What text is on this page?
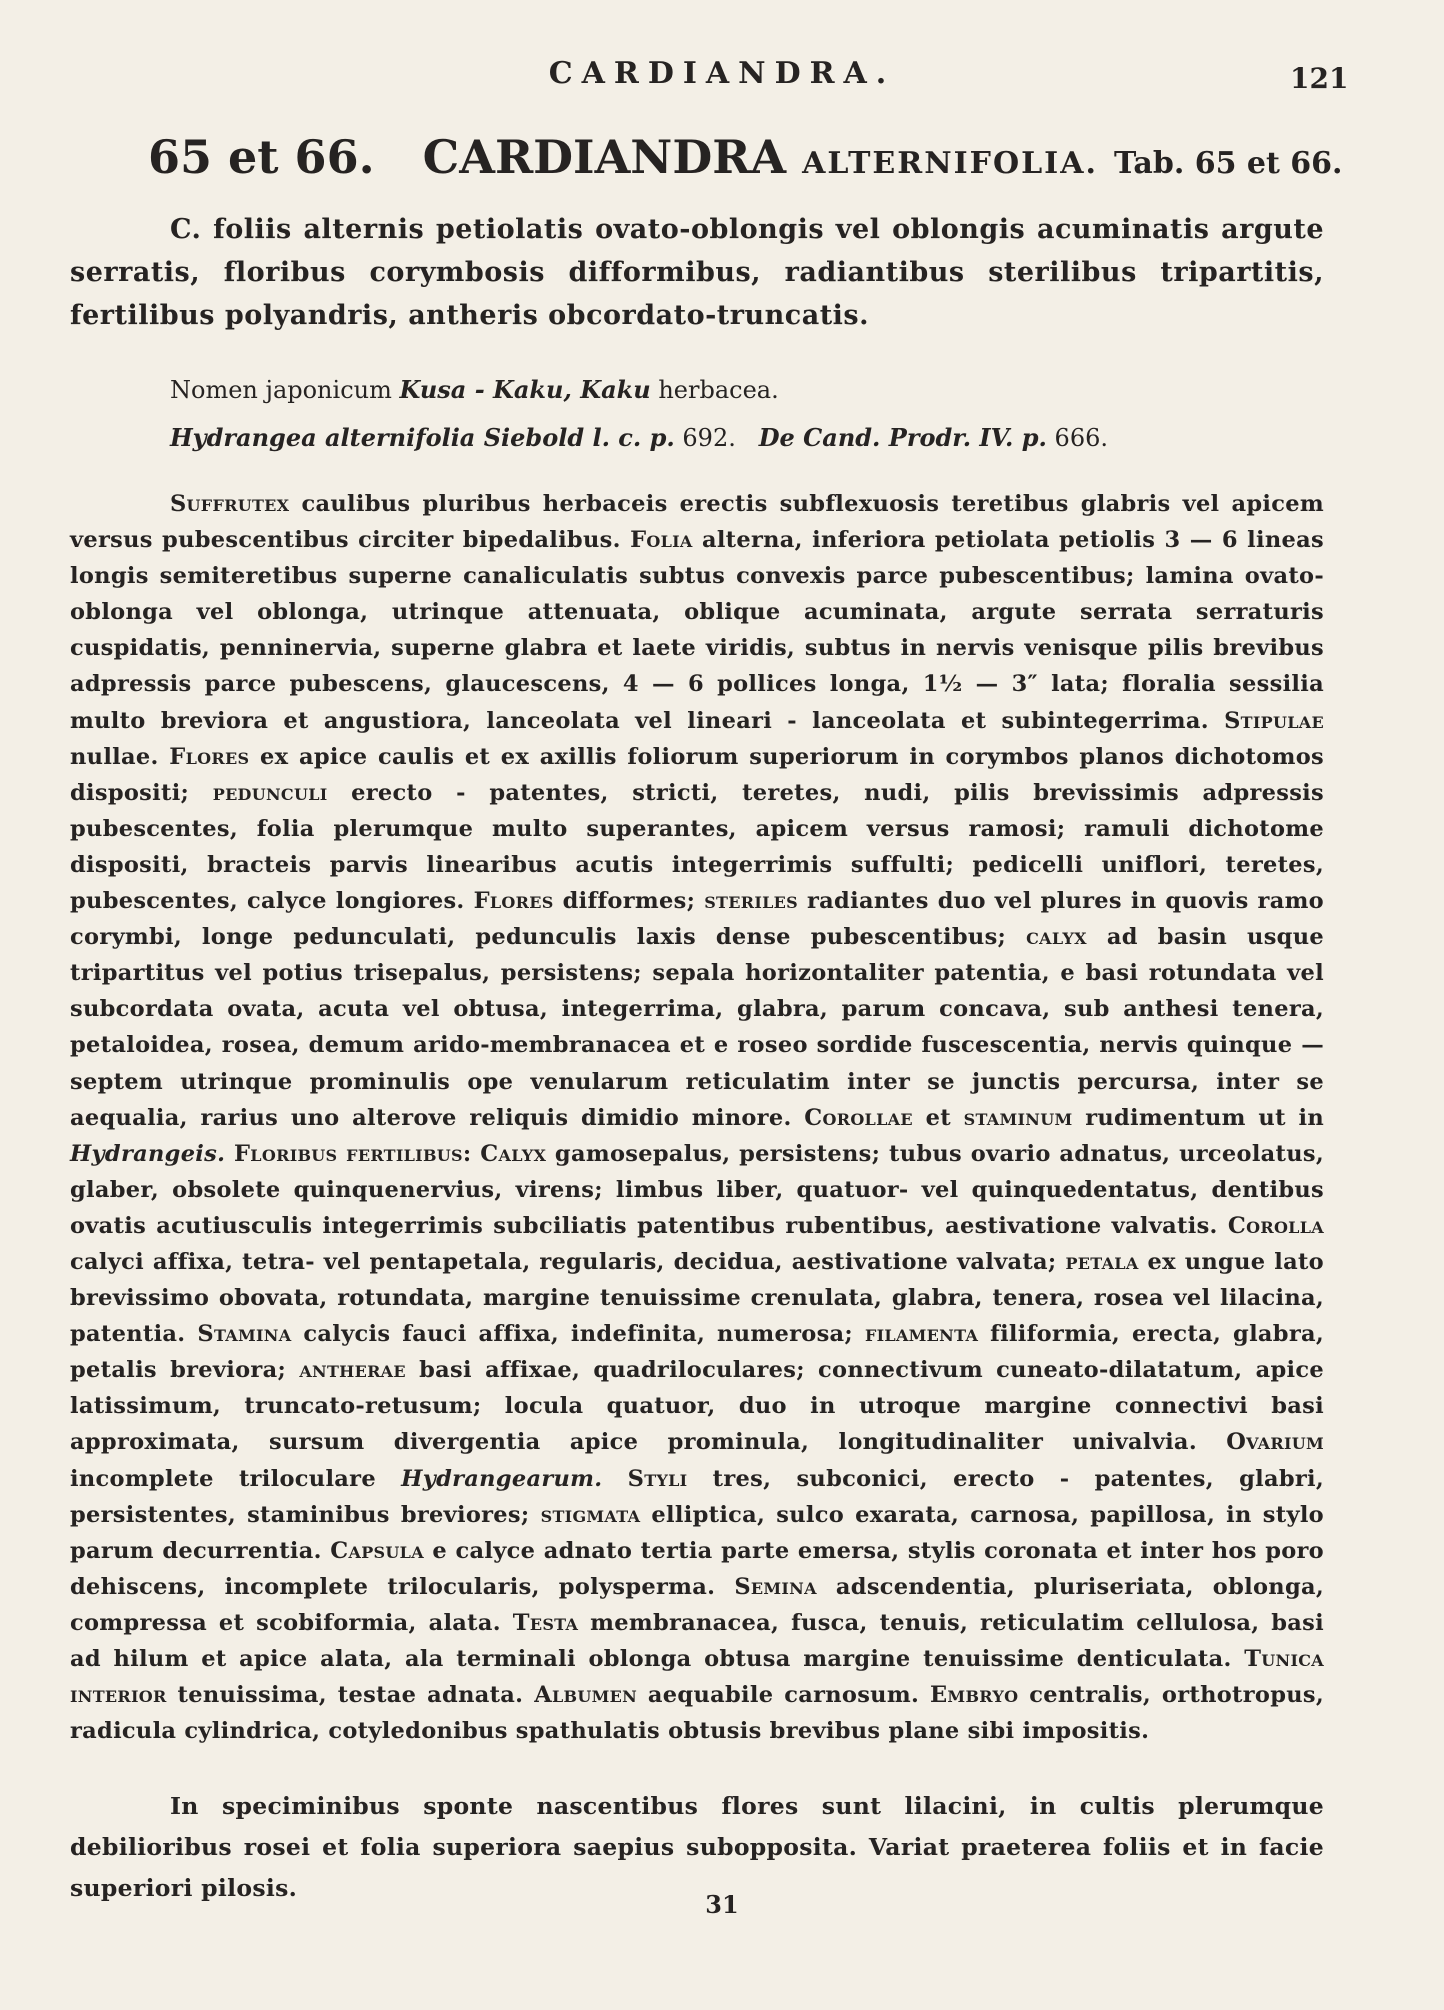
CARDIANDRA.	121
65 et 66. CARDIANDRA ALTERNIFOLIA. Tab. 65 et 66.
C. foliis alternis petiolatis ovato-oblongis vel oblongis acuminatis argute serratis, floribus corymbosis difformibus, radiantibus sterilibus tripartitis, fertilibus polyandris, antheris obcordato-truncatis.
Nomen japonicum Kusa - Kaku, Kaku herbacea.
Hydrangea alternifolia Siebold l. c. p. 692. De Cand. Prodr. IV. p. 666.
Suffrutex caulibus pluribus herbaceis erectis subflexuosis teretibus glabris vel apicem versus pubescentibus circiter bipedalibus. Folia alterna, inferiora petiolata petiolis 3 — 6 lineas longis semiteretibus superne canaliculatis subtus convexis parce pubescentibus; lamina ovato-oblonga vel oblonga, utrinque attenuata, oblique acuminata, argute serrata serraturis cuspidatis, penninervia, superne glabra et laete viridis, subtus in nervis venisque pilis brevibus adpressis parce pubescens, glaucescens, 4 — 6 pollices longa, 1½ — 3″ lata; floralia sessilia multo breviora et angustiora, lanceolata vel lineari - lanceolata et subintegerrima. Stipulae nullae. Flores ex apice caulis et ex axillis foliorum superiorum in corymbos planos dichotomos dispositi; pedunculi erecto - patentes, stricti, teretes, nudi, pilis brevissimis adpressis pubescentes, folia plerumque multo superantes, apicem versus ramosi; ramuli dichotome dispositi, bracteis parvis linearibus acutis integerrimis suffulti; pedicelli uniflori, teretes, pubescentes, calyce longiores. Flores difformes; steriles radiantes duo vel plures in quovis ramo corymbi, longe pedunculati, pedunculis laxis dense pubescentibus; calyx ad basin usque tripartitus vel potius trisepalus, persistens; sepala horizontaliter patentia, e basi rotundata vel subcordata ovata, acuta vel obtusa, integerrima, glabra, parum concava, sub anthesi tenera, petaloidea, rosea, demum arido-membranacea et e roseo sordide fuscescentia, nervis quinque — septem utrinque prominulis ope venularum reticulatim inter se junctis percursa, inter se aequalia, rarius uno alterove reliquis dimidio minore. Corollae et staminum rudimentum ut in Hydrangeis. Floribus fertilibus: Calyx gamosepalus, persistens; tubus ovario adnatus, urceolatus, glaber, obsolete quinquenervius, virens; limbus liber, quatuor- vel quinquedentatus, dentibus ovatis acutiusculis integerrimis subciliatis patentibus rubentibus, aestivatione valvatis. Corolla calyci affixa, tetra- vel pentapetala, regularis, decidua, aestivatione valvata; petala ex ungue lato brevissimo obovata, rotundata, margine tenuissime crenulata, glabra, tenera, rosea vel lilacina, patentia. Stamina calycis fauci affixa, indefinita, numerosa; filamenta filiformia, erecta, glabra, petalis breviora; antherae basi affixae, quadriloculares; connectivum cuneato-dilatatum, apice latissimum, truncato-retusum; locula quatuor, duo in utroque margine connectivi basi approximata, sursum divergentia apice prominula, longitudinaliter univalvia. Ovarium incomplete triloculare Hydrangearum. Styli tres, subconici, erecto - patentes, glabri, persistentes, staminibus breviores; stigmata elliptica, sulco exarata, carnosa, papillosa, in stylo parum decurrentia. Capsula e calyce adnato tertia parte emersa, stylis coronata et inter hos poro dehiscens, incomplete trilocularis, polysperma. Semina adscendentia, pluriseriata, oblonga, compressa et scobiformia, alata. Testa membranacea, fusca, tenuis, reticulatim cellulosa, basi ad hilum et apice alata, ala terminali oblonga obtusa margine tenuissime denticulata. Tunica interior tenuissima, testae adnata. Albumen aequabile carnosum. Embryo centralis, orthotropus, radicula cylindrica, cotyledonibus spathulatis obtusis brevibus plane sibi impositis.
In speciminibus sponte nascentibus flores sunt lilacini, in cultis plerumque debilioribus rosei et folia superiora saepius subopposita. Variat praeterea foliis et in facie superiori pilosis.
31
